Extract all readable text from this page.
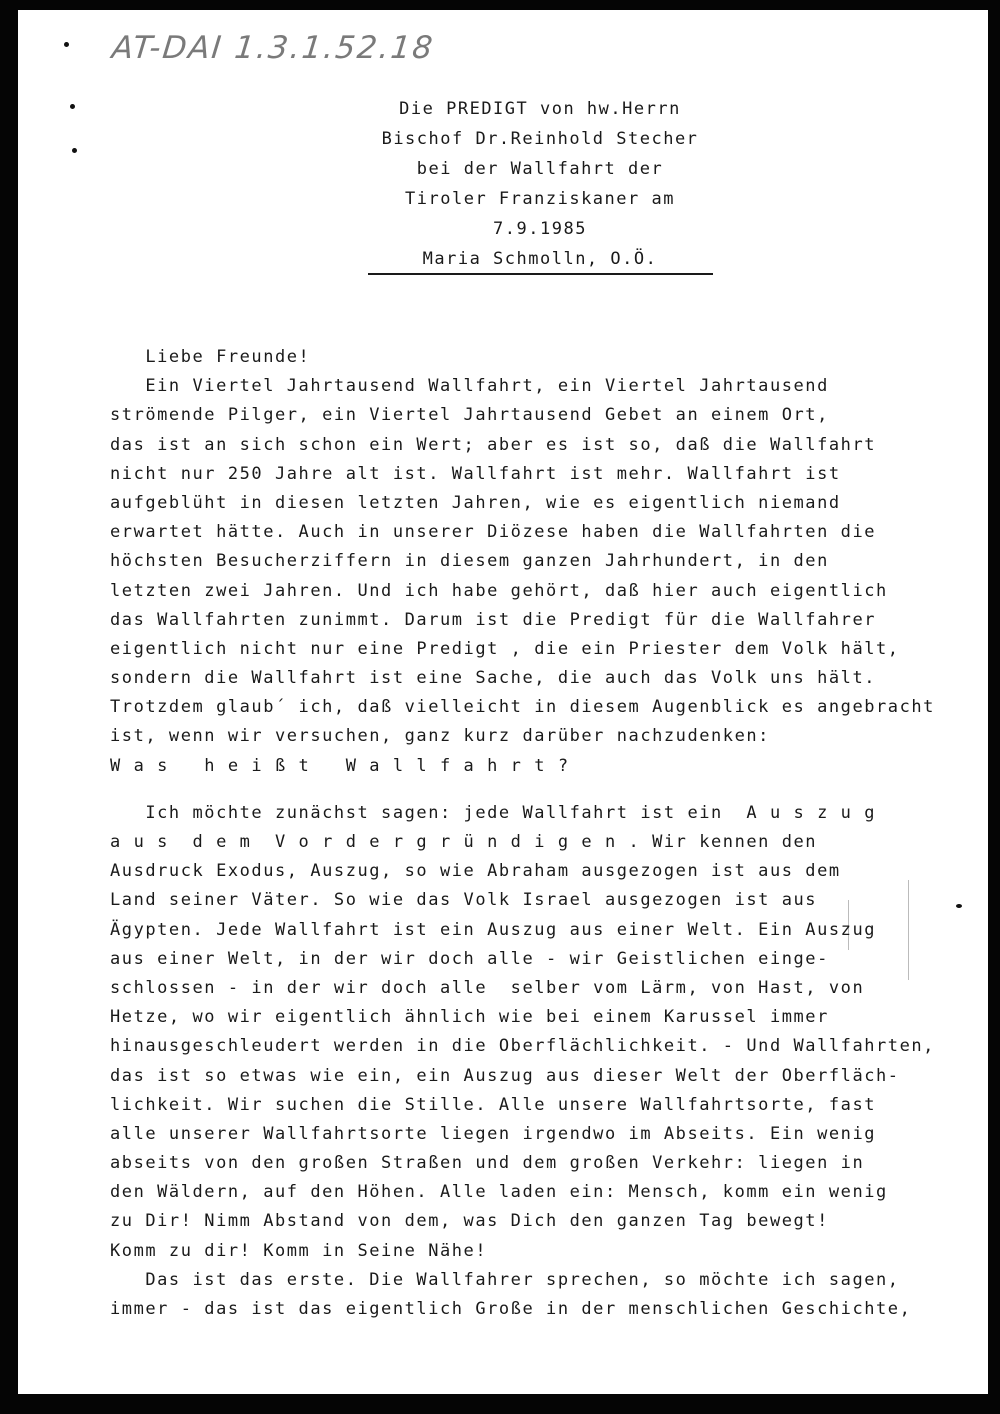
AT-DAI 1.3.1.52.18
Die PREDIGT von hw.Herrn
Bischof Dr.Reinhold Stecher
bei der Wallfahrt der
Tiroler Franziskaner am
7.9.1985
Maria Schmolln, O.Ö.
Liebe Freunde!
Ein Viertel Jahrtausend Wallfahrt, ein Viertel Jahrtausend
strömende Pilger, ein Viertel Jahrtausend Gebet an einem Ort,
das ist an sich schon ein Wert; aber es ist so, daß die Wallfahrt
nicht nur 250 Jahre alt ist. Wallfahrt ist mehr. Wallfahrt ist
aufgeblüht in diesen letzten Jahren, wie es eigentlich niemand
erwartet hätte. Auch in unserer Diözese haben die Wallfahrten die
höchsten Besucherziffern in diesem ganzen Jahrhundert, in den
letzten zwei Jahren. Und ich habe gehört, daß hier auch eigentlich
das Wallfahrten zunimmt. Darum ist die Predigt für die Wallfahrer
eigentlich nicht nur eine Predigt , die ein Priester dem Volk hält,
sondern die Wallfahrt ist eine Sache, die auch das Volk uns hält.
Trotzdem glaub´ ich, daß vielleicht in diesem Augenblick es angebracht
ist, wenn wir versuchen, ganz kurz darüber nachzudenken:
W a s   h e i ß t   W a l l f a h r t ?
Ich möchte zunächst sagen: jede Wallfahrt ist ein  A u s z u g
a u s  d e m  V o r d e r g r ü n d i g e n . Wir kennen den
Ausdruck Exodus, Auszug, so wie Abraham ausgezogen ist aus dem
Land seiner Väter. So wie das Volk Israel ausgezogen ist aus
Ägypten. Jede Wallfahrt ist ein Auszug aus einer Welt. Ein Auszug
aus einer Welt, in der wir doch alle - wir Geistlichen einge-
schlossen - in der wir doch alle  selber vom Lärm, von Hast, von
Hetze, wo wir eigentlich ähnlich wie bei einem Karussel immer
hinausgeschleudert werden in die Oberflächlichkeit. - Und Wallfahrten,
das ist so etwas wie ein, ein Auszug aus dieser Welt der Oberfläch-
lichkeit. Wir suchen die Stille. Alle unsere Wallfahrtsorte, fast
alle unserer Wallfahrtsorte liegen irgendwo im Abseits. Ein wenig
abseits von den großen Straßen und dem großen Verkehr: liegen in
den Wäldern, auf den Höhen. Alle laden ein: Mensch, komm ein wenig
zu Dir! Nimm Abstand von dem, was Dich den ganzen Tag bewegt!
Komm zu dir! Komm in Seine Nähe!
Das ist das erste. Die Wallfahrer sprechen, so möchte ich sagen,
immer - das ist das eigentlich Große in der menschlichen Geschichte,
